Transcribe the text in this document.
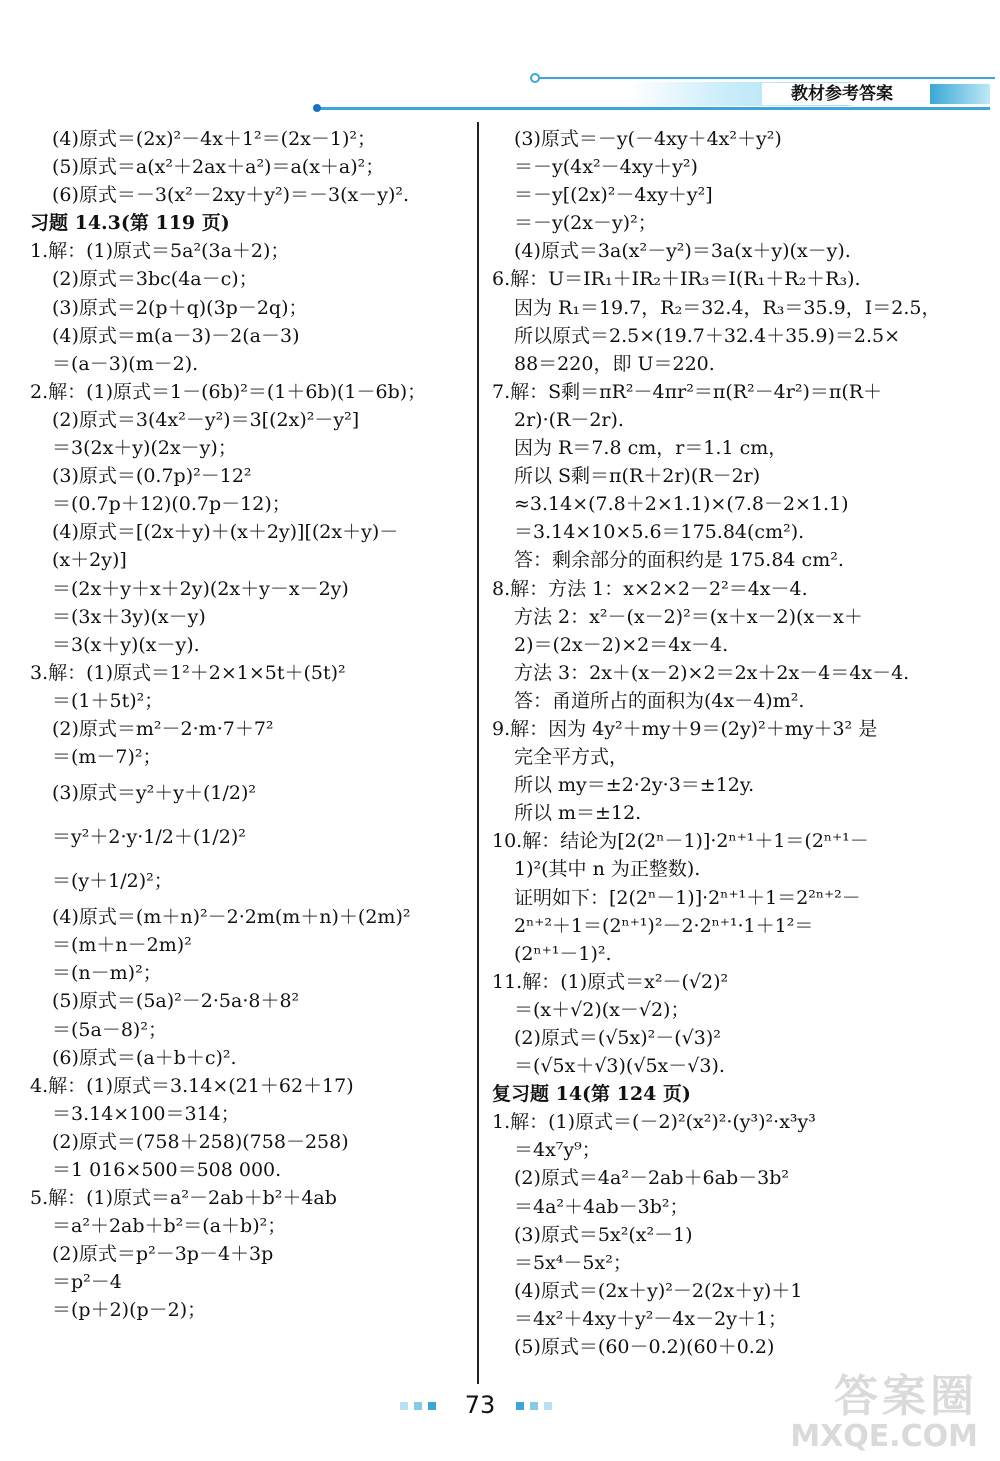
教材参考答案
(4)原式＝(2x)²－4x＋1²＝(2x－1)²；
(5)原式＝a(x²＋2ax＋a²)＝a(x＋a)²；
(6)原式＝－3(x²－2xy＋y²)＝－3(x－y)².
习题 14.3(第 119 页)
1.解：(1)原式＝5a²(3a＋2)；
(2)原式＝3bc(4a－c)；
(3)原式＝2(p＋q)(3p－2q)；
(4)原式＝m(a－3)－2(a－3)
＝(a－3)(m－2).
2.解：(1)原式＝1－(6b)²＝(1＋6b)(1－6b)；
(2)原式＝3(4x²－y²)＝3[(2x)²－y²]
＝3(2x＋y)(2x－y)；
(3)原式＝(0.7p)²－12²
＝(0.7p＋12)(0.7p－12)；
(4)原式＝[(2x＋y)＋(x＋2y)][(2x＋y)－
(x＋2y)]
＝(2x＋y＋x＋2y)(2x＋y－x－2y)
＝(3x＋3y)(x－y)
＝3(x＋y)(x－y).
3.解：(1)原式＝1²＋2×1×5t＋(5t)²
＝(1＋5t)²；
(2)原式＝m²－2·m·7＋7²
＝(m－7)²；
(3)原式＝y²＋y＋(1/2)²
＝y²＋2·y·1/2＋(1/2)²
＝(y＋1/2)²；
(4)原式＝(m＋n)²－2·2m(m＋n)＋(2m)²
＝(m＋n－2m)²
＝(n－m)²；
(5)原式＝(5a)²－2·5a·8＋8²
＝(5a－8)²；
(6)原式＝(a＋b＋c)².
4.解：(1)原式＝3.14×(21＋62＋17)
＝3.14×100＝314；
(2)原式＝(758＋258)(758－258)
＝1 016×500＝508 000.
5.解：(1)原式＝a²－2ab＋b²＋4ab
＝a²＋2ab＋b²＝(a＋b)²；
(2)原式＝p²－3p－4＋3p
＝p²－4
＝(p＋2)(p－2)；
(3)原式＝－y(－4xy＋4x²＋y²)
＝－y(4x²－4xy＋y²)
＝－y[(2x)²－4xy＋y²]
＝－y(2x－y)²；
(4)原式＝3a(x²－y²)＝3a(x＋y)(x－y).
6.解：U＝IR₁＋IR₂＋IR₃＝I(R₁＋R₂＋R₃).
因为 R₁＝19.7，R₂＝32.4，R₃＝35.9，I＝2.5，
所以原式＝2.5×(19.7＋32.4＋35.9)＝2.5×
88＝220，即 U＝220.
7.解：S剩＝πR²－4πr²＝π(R²－4r²)＝π(R＋
2r)·(R－2r).
因为 R＝7.8 cm，r＝1.1 cm，
所以 S剩＝π(R＋2r)(R－2r)
≈3.14×(7.8＋2×1.1)×(7.8－2×1.1)
＝3.14×10×5.6＝175.84(cm²).
答：剩余部分的面积约是 175.84 cm².
8.解：方法 1：x×2×2－2²＝4x－4.
方法 2：x²－(x－2)²＝(x＋x－2)(x－x＋
2)＝(2x－2)×2＝4x－4.
方法 3：2x＋(x－2)×2＝2x＋2x－4＝4x－4.
答：甬道所占的面积为(4x－4)m².
9.解：因为 4y²＋my＋9＝(2y)²＋my＋3² 是
完全平方式，
所以 my＝±2·2y·3＝±12y.
所以 m＝±12.
10.解：结论为[2(2ⁿ－1)]·2ⁿ⁺¹＋1＝(2ⁿ⁺¹－
1)²(其中 n 为正整数).
证明如下：[2(2ⁿ－1)]·2ⁿ⁺¹＋1＝2²ⁿ⁺²－
2ⁿ⁺²＋1＝(2ⁿ⁺¹)²－2·2ⁿ⁺¹·1＋1²＝
(2ⁿ⁺¹－1)².
11.解：(1)原式＝x²－(√2)²
＝(x＋√2)(x－√2)；
(2)原式＝(√5x)²－(√3)²
＝(√5x＋√3)(√5x－√3).
复习题 14(第 124 页)
1.解：(1)原式＝(－2)²(x²)²·(y³)²·x³y³
＝4x⁷y⁹；
(2)原式＝4a²－2ab＋6ab－3b²
＝4a²＋4ab－3b²；
(3)原式＝5x²(x²－1)
＝5x⁴－5x²；
(4)原式＝(2x＋y)²－2(2x＋y)＋1
＝4x²＋4xy＋y²－4x－2y＋1；
(5)原式＝(60－0.2)(60＋0.2)
73	答案圈
MXQE.COM
